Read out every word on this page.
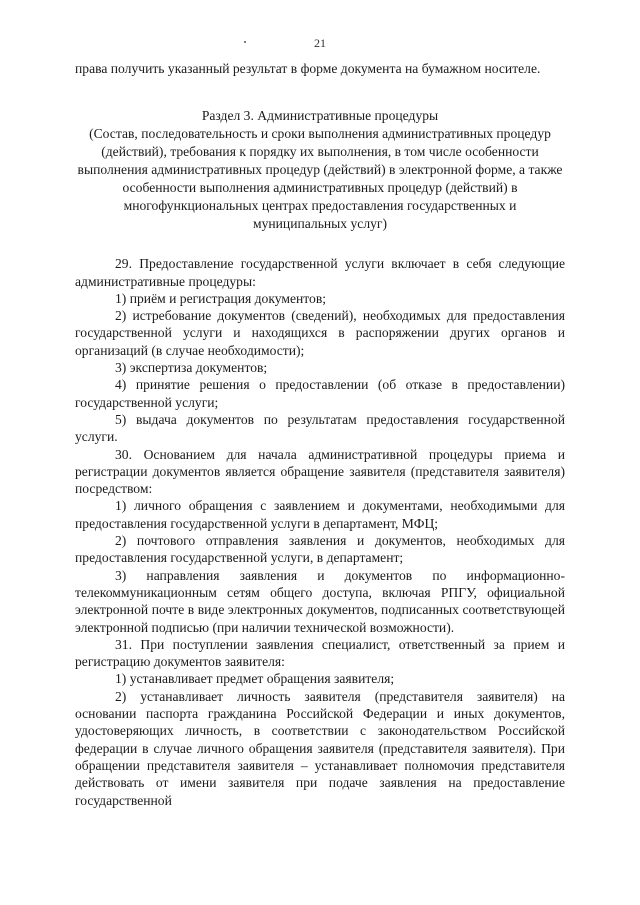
21

права получить указанный результат в форме документа на бумажном носителе.

Раздел 3. Административные процедуры
(Состав, последовательность и сроки выполнения административных процедур (действий), требования к порядку их выполнения, в том числе особенности выполнения административных процедур (действий) в электронной форме, а также особенности выполнения административных процедур (действий) в многофункциональных центрах предоставления государственных и муниципальных услуг)

29. Предоставление государственной услуги включает в себя следующие административные процедуры:

1) приём и регистрация документов;

2) истребование документов (сведений), необходимых для предоставления государственной услуги и находящихся в распоряжении других органов и организаций (в случае необходимости);

3) экспертиза документов;

4) принятие решения о предоставлении (об отказе в предоставлении) государственной услуги;

5) выдача документов по результатам предоставления государственной услуги.

30. Основанием для начала административной процедуры приема и регистрации документов является обращение заявителя (представителя заявителя) посредством:

1) личного обращения с заявлением и документами, необходимыми для предоставления государственной услуги в департамент, МФЦ;

2) почтового отправления заявления и документов, необходимых для предоставления государственной услуги, в департамент;

3) направления заявления и документов по информационно-телекоммуникационным сетям общего доступа, включая РПГУ, официальной электронной почте в виде электронных документов, подписанных соответствующей электронной подписью (при наличии технической возможности).

31. При поступлении заявления специалист, ответственный за прием и регистрацию документов заявителя:

1) устанавливает предмет обращения заявителя;

2) устанавливает личность заявителя (представителя заявителя) на основании паспорта гражданина Российской Федерации и иных документов, удостоверяющих личность, в соответствии с законодательством Российской федерации в случае личного обращения заявителя (представителя заявителя). При обращении представителя заявителя – устанавливает полномочия представителя действовать от имени заявителя при подаче заявления на предоставление государственной
